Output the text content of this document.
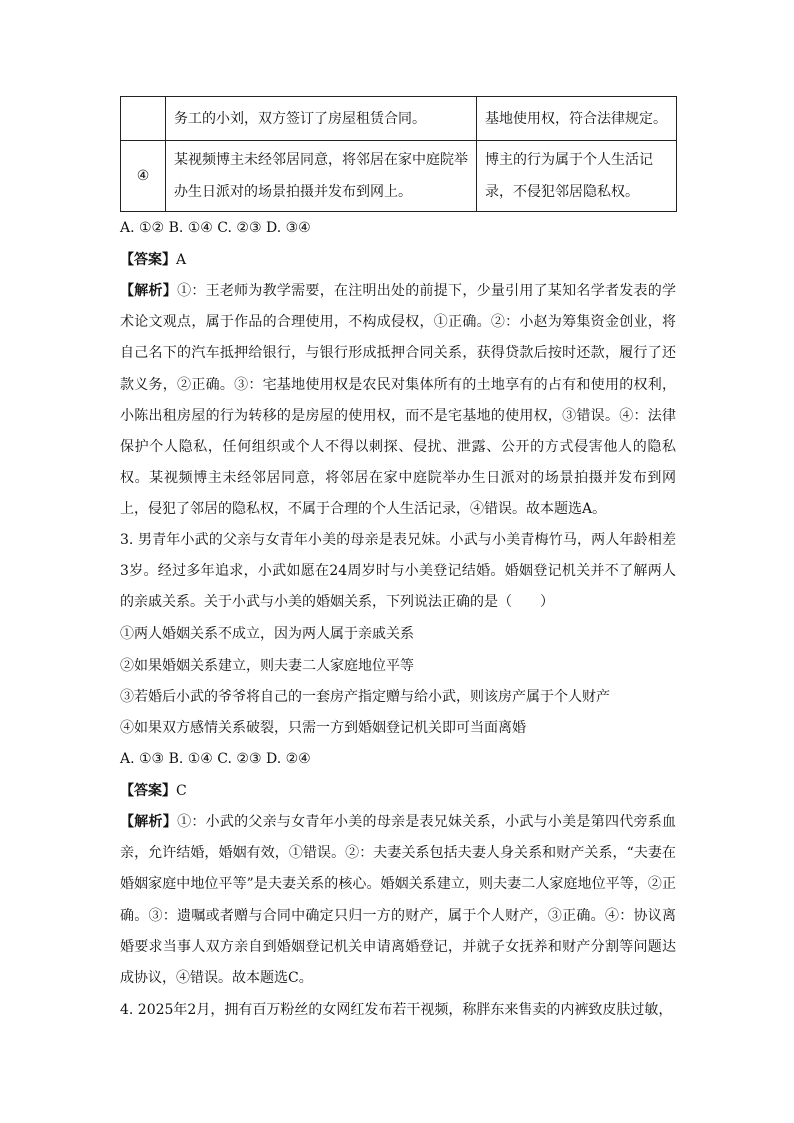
	务工的小刘，双方签订了房屋租赁合同。	基地使用权，符合法律规定。
④	某视频博主未经邻居同意，将邻居在家中庭院举办生日派对的场景拍摄并发布到网上。	博主的行为属于个人生活记录，不侵犯邻居隐私权。
A. ①② B. ①④ C. ②③ D. ③④
【答案】A
【解析】①：王老师为教学需要，在注明出处的前提下，少量引用了某知名学者发表的学术论文观点，属于作品的合理使用，不构成侵权，①正确。②：小赵为筹集资金创业，将自己名下的汽车抵押给银行，与银行形成抵押合同关系，获得贷款后按时还款，履行了还款义务，②正确。③：宅基地使用权是农民对集体所有的土地享有的占有和使用的权利，小陈出租房屋的行为转移的是房屋的使用权，而不是宅基地的使用权，③错误。④：法律保护个人隐私，任何组织或个人不得以刺探、侵扰、泄露、公开的方式侵害他人的隐私权。某视频博主未经邻居同意，将邻居在家中庭院举办生日派对的场景拍摄并发布到网上，侵犯了邻居的隐私权，不属于合理的个人生活记录，④错误。故本题选A。
3. 男青年小武的父亲与女青年小美的母亲是表兄妹。小武与小美青梅竹马，两人年龄相差3岁。经过多年追求，小武如愿在24周岁时与小美登记结婚。婚姻登记机关并不了解两人的亲戚关系。关于小武与小美的婚姻关系，下列说法正确的是（　　）
①两人婚姻关系不成立，因为两人属于亲戚关系
②如果婚姻关系建立，则夫妻二人家庭地位平等
③若婚后小武的爷爷将自己的一套房产指定赠与给小武，则该房产属于个人财产
④如果双方感情关系破裂，只需一方到婚姻登记机关即可当面离婚
A. ①③ B. ①④ C. ②③ D. ②④
【答案】C
【解析】①：小武的父亲与女青年小美的母亲是表兄妹关系，小武与小美是第四代旁系血亲，允许结婚，婚姻有效，①错误。②：夫妻关系包括夫妻人身关系和财产关系，“夫妻在婚姻家庭中地位平等”是夫妻关系的核心。婚姻关系建立，则夫妻二人家庭地位平等，②正确。③：遗嘱或者赠与合同中确定只归一方的财产，属于个人财产，③正确。④：协议离婚要求当事人双方亲自到婚姻登记机关申请离婚登记，并就子女抚养和财产分割等问题达成协议，④错误。故本题选C。
4. 2025年2月，拥有百万粉丝的女网红发布若干视频，称胖东来售卖的内裤致皮肤过敏，
